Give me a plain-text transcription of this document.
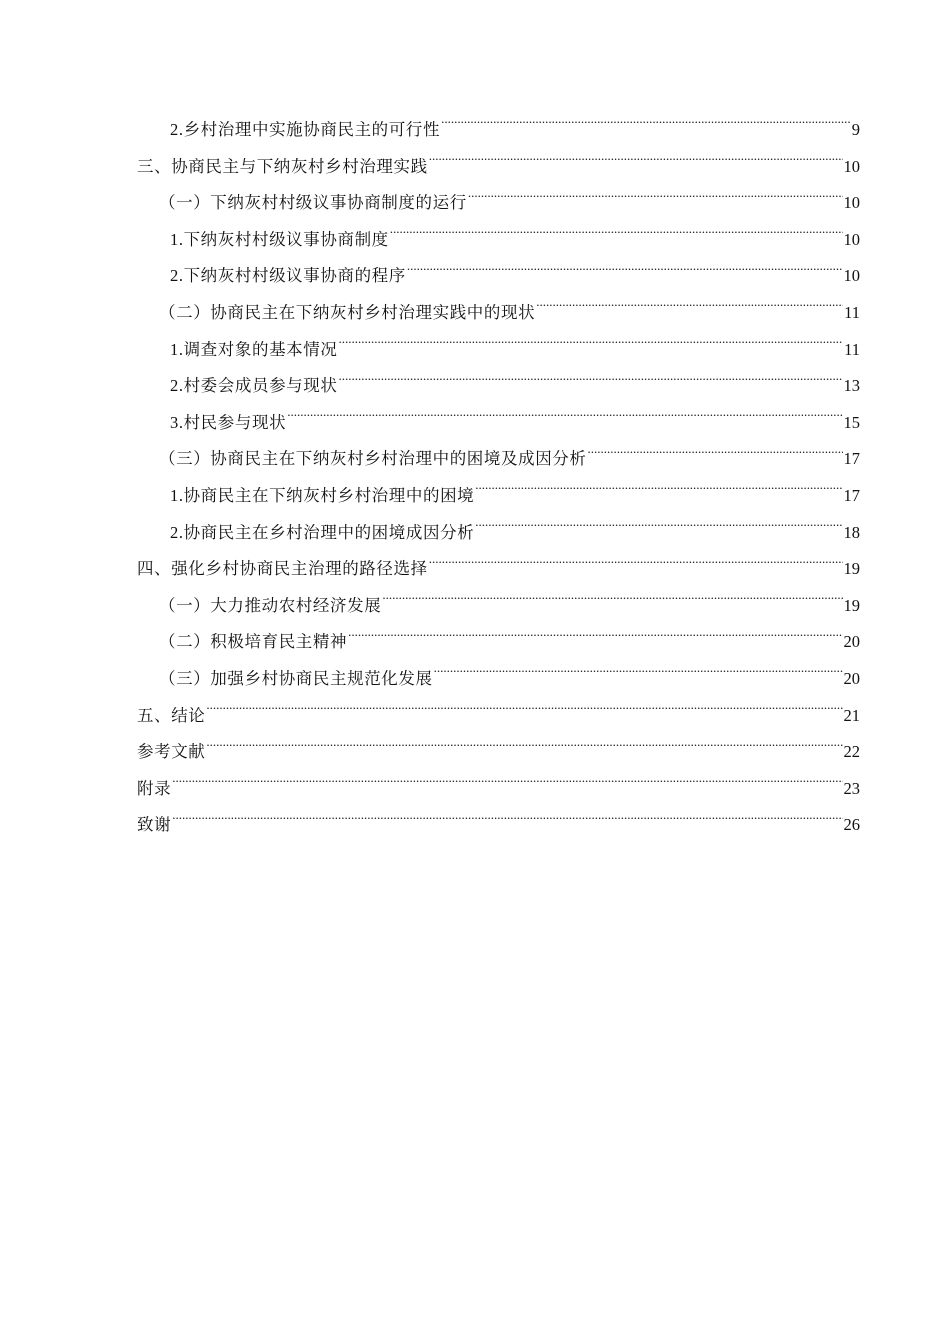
2.乡村治理中实施协商民主的可行性 .....	9
三、协商民主与下纳灰村乡村治理实践 .....	10
（一）下纳灰村村级议事协商制度的运行 .....	10
1.下纳灰村村级议事协商制度 .....	10
2.下纳灰村村级议事协商的程序 .....	10
（二）协商民主在下纳灰村乡村治理实践中的现状 .....	11
1.调查对象的基本情况 .....	11
2.村委会成员参与现状 .....	13
3.村民参与现状 .....	15
（三）协商民主在下纳灰村乡村治理中的困境及成因分析 .....	17
1.协商民主在下纳灰村乡村治理中的困境 .....	17
2.协商民主在乡村治理中的困境成因分析 .....	18
四、强化乡村协商民主治理的路径选择 .....	19
（一）大力推动农村经济发展 .....	19
（二）积极培育民主精神 .....	20
（三）加强乡村协商民主规范化发展 .....	20
五、结论 .....	21
参考文献 .....	22
附录 .....	23
致谢 .....	26
